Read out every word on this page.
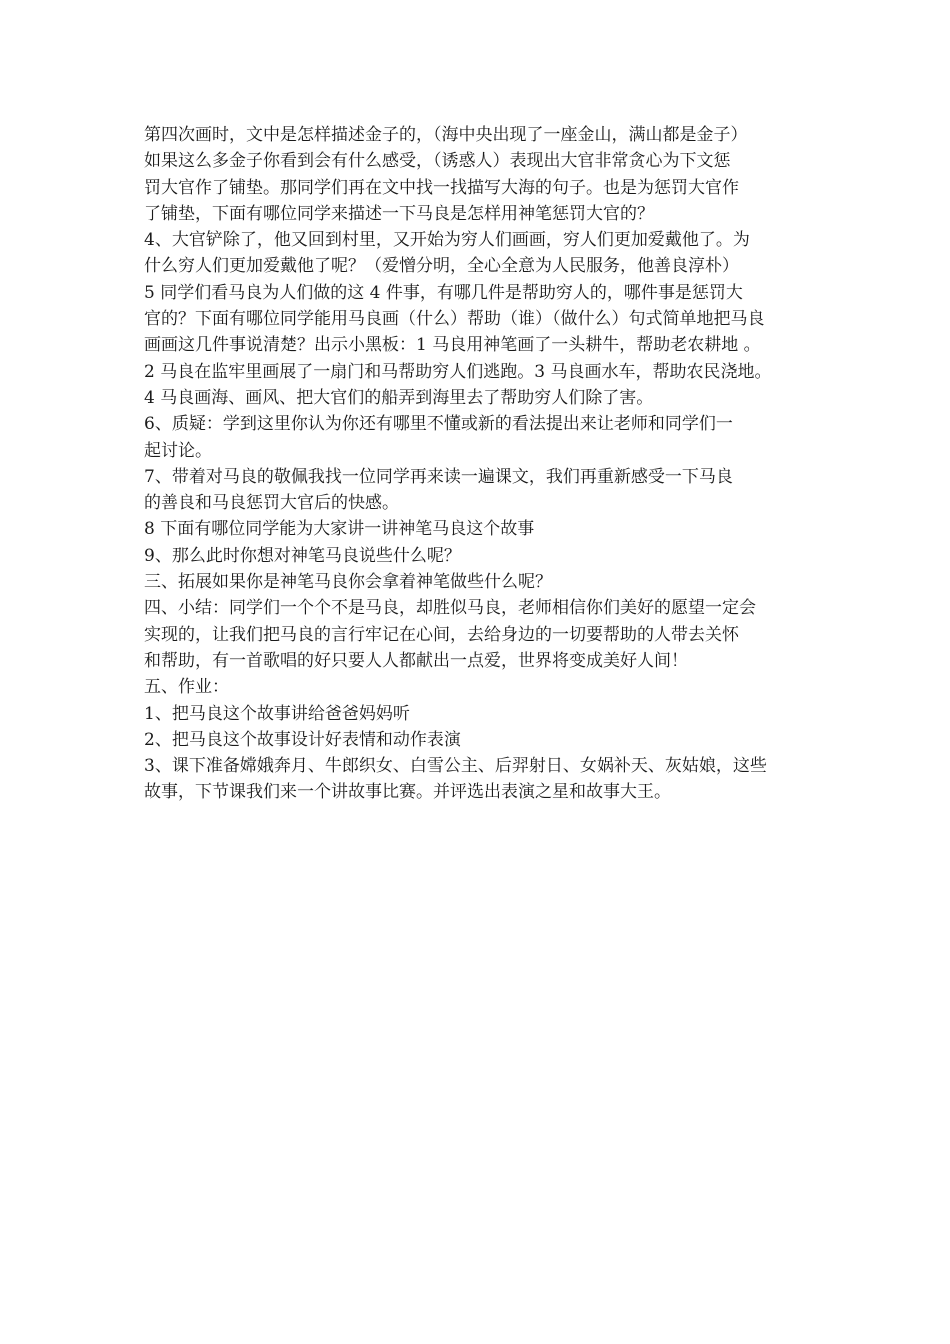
第四次画时，文中是怎样描述金子的，（海中央出现了一座金山，满山都是金子）
如果这么多金子你看到会有什么感受，（诱惑人）表现出大官非常贪心为下文惩
罚大官作了铺垫。那同学们再在文中找一找描写大海的句子。也是为惩罚大官作
了铺垫，下面有哪位同学来描述一下马良是怎样用神笔惩罚大官的？
4、大官铲除了，他又回到村里，又开始为穷人们画画，穷人们更加爱戴他了。为
什么穷人们更加爱戴他了呢？（爱憎分明，全心全意为人民服务，他善良淳朴）
5 同学们看马良为人们做的这 4 件事，有哪几件是帮助穷人的，哪件事是惩罚大
官的？下面有哪位同学能用马良画（什么）帮助（谁）（做什么）句式简单地把马良
画画这几件事说清楚？出示小黑板：1 马良用神笔画了一头耕牛，帮助老农耕地 。
2 马良在监牢里画展了一扇门和马帮助穷人们逃跑。3 马良画水车，帮助农民浇地。
4 马良画海、画风、把大官们的船弄到海里去了帮助穷人们除了害。
6、质疑：学到这里你认为你还有哪里不懂或新的看法提出来让老师和同学们一
起讨论。
7、带着对马良的敬佩我找一位同学再来读一遍课文，我们再重新感受一下马良
的善良和马良惩罚大官后的快感。
8 下面有哪位同学能为大家讲一讲神笔马良这个故事
9、那么此时你想对神笔马良说些什么呢？
三、拓展如果你是神笔马良你会拿着神笔做些什么呢？
四、小结：同学们一个个不是马良，却胜似马良，老师相信你们美好的愿望一定会
实现的，让我们把马良的言行牢记在心间，去给身边的一切要帮助的人带去关怀
和帮助，有一首歌唱的好只要人人都献出一点爱，世界将变成美好人间！
五、作业：
1、把马良这个故事讲给爸爸妈妈听
2、把马良这个故事设计好表情和动作表演
3、课下准备嫦娥奔月、牛郎织女、白雪公主、后羿射日、女娲补天、灰姑娘，这些
故事，下节课我们来一个讲故事比赛。并评选出表演之星和故事大王。
